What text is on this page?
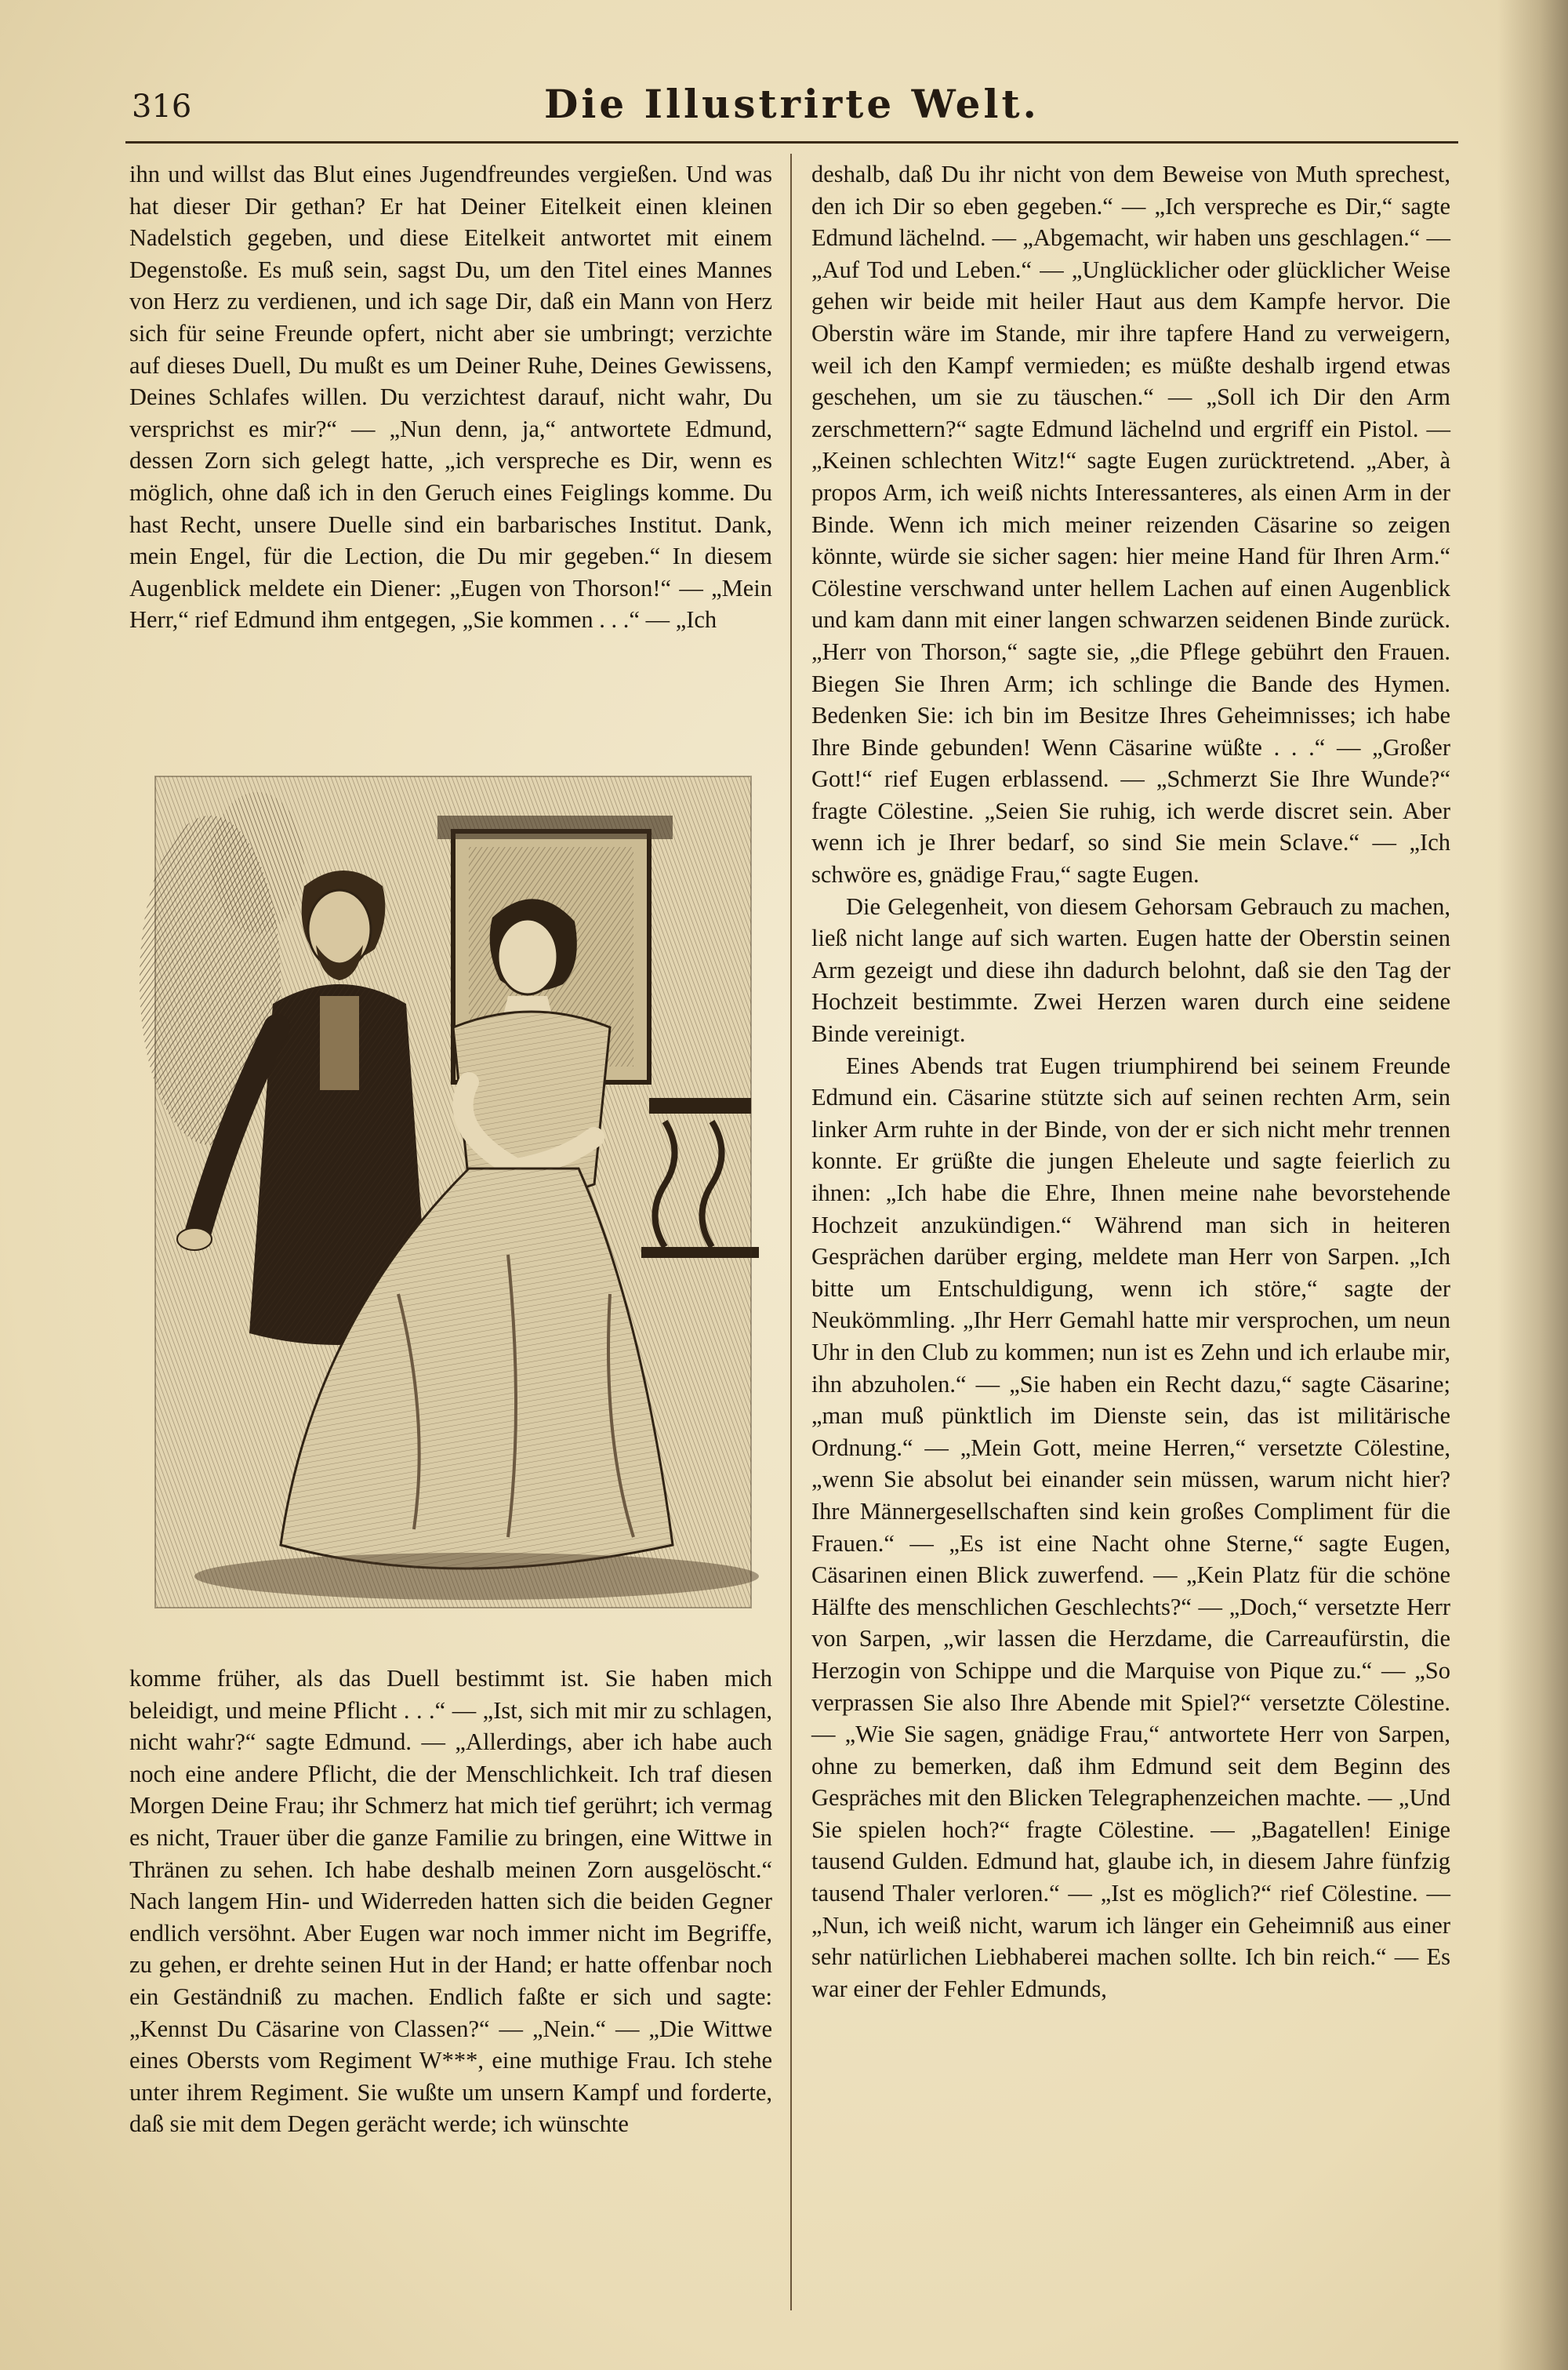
316	Die Illustrirte Welt.

ihn und willst das Blut eines Jugendfreundes vergießen. Und was hat dieser Dir gethan? Er hat Deiner Eitelkeit einen kleinen Nadelstich gegeben, und diese Eitelkeit antwortet mit einem Degenstoße. Es muß sein, sagst Du, um den Titel eines Mannes von Herz zu verdienen, und ich sage Dir, daß ein Mann von Herz sich für seine Freunde opfert, nicht aber sie umbringt; verzichte auf dieses Duell, Du mußt es um Deiner Ruhe, Deines Gewissens, Deines Schlafes willen. Du verzichtest darauf, nicht wahr, Du versprichst es mir?“ — „Nun denn, ja,“ antwortete Edmund, dessen Zorn sich gelegt hatte, „ich verspreche es Dir, wenn es möglich, ohne daß ich in den Geruch eines Feiglings komme. Du hast Recht, unsere Duelle sind ein barbarisches Institut. Dank, mein Engel, für die Lection, die Du mir gegeben.“ In diesem Augenblick meldete ein Diener: „Eugen von Thorson!“ — „Mein Herr,“ rief Edmund ihm entgegen, „Sie kommen . . .“ — „Ich

komme früher, als das Duell bestimmt ist. Sie haben mich beleidigt, und meine Pflicht . . .“ — „Ist, sich mit mir zu schlagen, nicht wahr?“ sagte Edmund. — „Allerdings, aber ich habe auch noch eine andere Pflicht, die der Menschlichkeit. Ich traf diesen Morgen Deine Frau; ihr Schmerz hat mich tief gerührt; ich vermag es nicht, Trauer über die ganze Familie zu bringen, eine Wittwe in Thränen zu sehen. Ich habe deshalb meinen Zorn ausgelöscht.“ Nach langem Hin- und Widerreden hatten sich die beiden Gegner endlich versöhnt. Aber Eugen war noch immer nicht im Begriffe, zu gehen, er drehte seinen Hut in der Hand; er hatte offenbar noch ein Geständniß zu machen. Endlich faßte er sich und sagte: „Kennst Du Cäsarine von Classen?“ — „Nein.“ — „Die Wittwe eines Obersts vom Regiment W***, eine muthige Frau. Ich stehe unter ihrem Regiment. Sie wußte um unsern Kampf und forderte, daß sie mit dem Degen gerächt werde; ich wünschte

deshalb, daß Du ihr nicht von dem Beweise von Muth sprechest, den ich Dir so eben gegeben.“ — „Ich verspreche es Dir,“ sagte Edmund lächelnd. — „Abgemacht, wir haben uns geschlagen.“ — „Auf Tod und Leben.“ — „Unglücklicher oder glücklicher Weise gehen wir beide mit heiler Haut aus dem Kampfe hervor. Die Oberstin wäre im Stande, mir ihre tapfere Hand zu verweigern, weil ich den Kampf vermieden; es müßte deshalb irgend etwas geschehen, um sie zu täuschen.“ — „Soll ich Dir den Arm zerschmettern?“ sagte Edmund lächelnd und ergriff ein Pistol. — „Keinen schlechten Witz!“ sagte Eugen zurücktretend. „Aber, à propos Arm, ich weiß nichts Interessanteres, als einen Arm in der Binde. Wenn ich mich meiner reizenden Cäsarine so zeigen könnte, würde sie sicher sagen: hier meine Hand für Ihren Arm.“ Cölestine verschwand unter hellem Lachen auf einen Augenblick und kam dann mit einer langen schwarzen seidenen Binde zurück. „Herr von Thorson,“ sagte sie, „die Pflege gebührt den Frauen. Biegen Sie Ihren Arm; ich schlinge die Bande des Hymen. Bedenken Sie: ich bin im Besitze Ihres Geheimnisses; ich habe Ihre Binde gebunden! Wenn Cäsarine wüßte . . .“ — „Großer Gott!“ rief Eugen erblassend. — „Schmerzt Sie Ihre Wunde?“ fragte Cölestine. „Seien Sie ruhig, ich werde discret sein. Aber wenn ich je Ihrer bedarf, so sind Sie mein Sclave.“ — „Ich schwöre es, gnädige Frau,“ sagte Eugen.

Die Gelegenheit, von diesem Gehorsam Gebrauch zu machen, ließ nicht lange auf sich warten. Eugen hatte der Oberstin seinen Arm gezeigt und diese ihn dadurch belohnt, daß sie den Tag der Hochzeit bestimmte. Zwei Herzen waren durch eine seidene Binde vereinigt.

Eines Abends trat Eugen triumphirend bei seinem Freunde Edmund ein. Cäsarine stützte sich auf seinen rechten Arm, sein linker Arm ruhte in der Binde, von der er sich nicht mehr trennen konnte. Er grüßte die jungen Eheleute und sagte feierlich zu ihnen: „Ich habe die Ehre, Ihnen meine nahe bevorstehende Hochzeit anzukündigen.“ Während man sich in heiteren Gesprächen darüber erging, meldete man Herr von Sarpen. „Ich bitte um Entschuldigung, wenn ich störe,“ sagte der Neukömmling. „Ihr Herr Gemahl hatte mir versprochen, um neun Uhr in den Club zu kommen; nun ist es Zehn und ich erlaube mir, ihn abzuholen.“ — „Sie haben ein Recht dazu,“ sagte Cäsarine; „man muß pünktlich im Dienste sein, das ist militärische Ordnung.“ — „Mein Gott, meine Herren,“ versetzte Cölestine, „wenn Sie absolut bei einander sein müssen, warum nicht hier? Ihre Männergesellschaften sind kein großes Compliment für die Frauen.“ — „Es ist eine Nacht ohne Sterne,“ sagte Eugen, Cäsarinen einen Blick zuwerfend. — „Kein Platz für die schöne Hälfte des menschlichen Geschlechts?“ — „Doch,“ versetzte Herr von Sarpen, „wir lassen die Herzdame, die Carreaufürstin, die Herzogin von Schippe und die Marquise von Pique zu.“ — „So verprassen Sie also Ihre Abende mit Spiel?“ versetzte Cölestine. — „Wie Sie sagen, gnädige Frau,“ antwortete Herr von Sarpen, ohne zu bemerken, daß ihm Edmund seit dem Beginn des Gespräches mit den Blicken Telegraphenzeichen machte. — „Und Sie spielen hoch?“ fragte Cölestine. — „Bagatellen! Einige tausend Gulden. Edmund hat, glaube ich, in diesem Jahre fünfzig tausend Thaler verloren.“ — „Ist es möglich?“ rief Cölestine. — „Nun, ich weiß nicht, warum ich länger ein Geheimniß aus einer sehr natürlichen Liebhaberei machen sollte. Ich bin reich.“ — Es war einer der Fehler Edmunds,
